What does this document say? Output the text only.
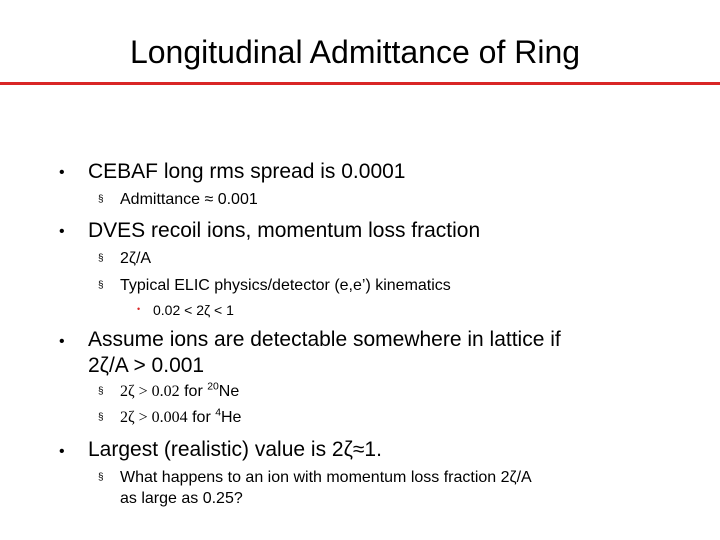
Longitudinal Admittance of Ring
• CEBAF long rms spread is 0.0001
§ Admittance ≈ 0.001
• DVES recoil ions, momentum loss fraction
§ 2ζ/A
§ Typical ELIC physics/detector (e,e’) kinematics
• 0.02 < 2ζ < 1
• Assume ions are detectable somewhere in lattice if
2ζ/A > 0.001
§ 2ζ > 0.02 for $^{20}$Ne
§ 2ζ > 0.004 for $^4$He
• Largest (realistic) value is 2ζ≈1.
§ What happens to an ion with momentum loss fraction 2ζ/A
as large as 0.25?
